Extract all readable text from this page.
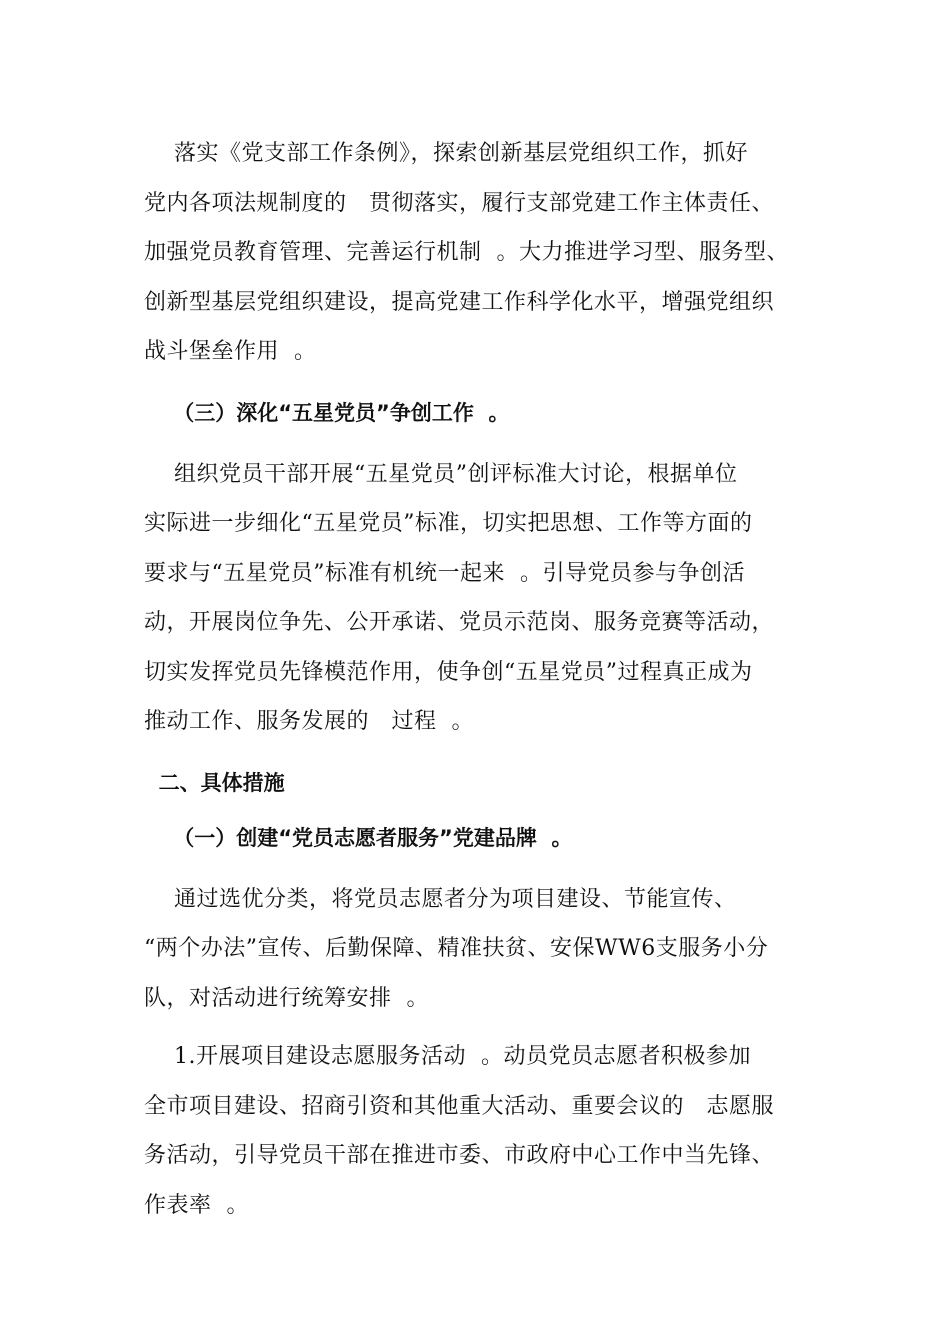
落实《党支部工作条例》，探索创新基层党组织工作，抓好
党内各项法规制度的   贯彻落实，履行支部党建工作主体责任、
加强党员教育管理、完善运行机制  。大力推进学习型、服务型、
创新型基层党组织建设，提高党建工作科学化水平，增强党组织
战斗堡垒作用  。
（三）深化“五星党员”争创工作  。
组织党员干部开展“五星党员”创评标准大讨论，根据单位
实际进一步细化“五星党员”标准，切实把思想、工作等方面的
要求与“五星党员”标准有机统一起来  。引导党员参与争创活
动，开展岗位争先、公开承诺、党员示范岗、服务竞赛等活动，
切实发挥党员先锋模范作用，使争创“五星党员”过程真正成为
推动工作、服务发展的   过程  。
二、具体措施
（一）创建“党员志愿者服务”党建品牌  。
通过选优分类，将党员志愿者分为项目建设、节能宣传、
“两个办法”宣传、后勤保障、精准扶贫、安保WW6支服务小分
队，对活动进行统筹安排  。
1.开展项目建设志愿服务活动  。动员党员志愿者积极参加
全市项目建设、招商引资和其他重大活动、重要会议的   志愿服
务活动，引导党员干部在推进市委、市政府中心工作中当先锋、
作表率  。
